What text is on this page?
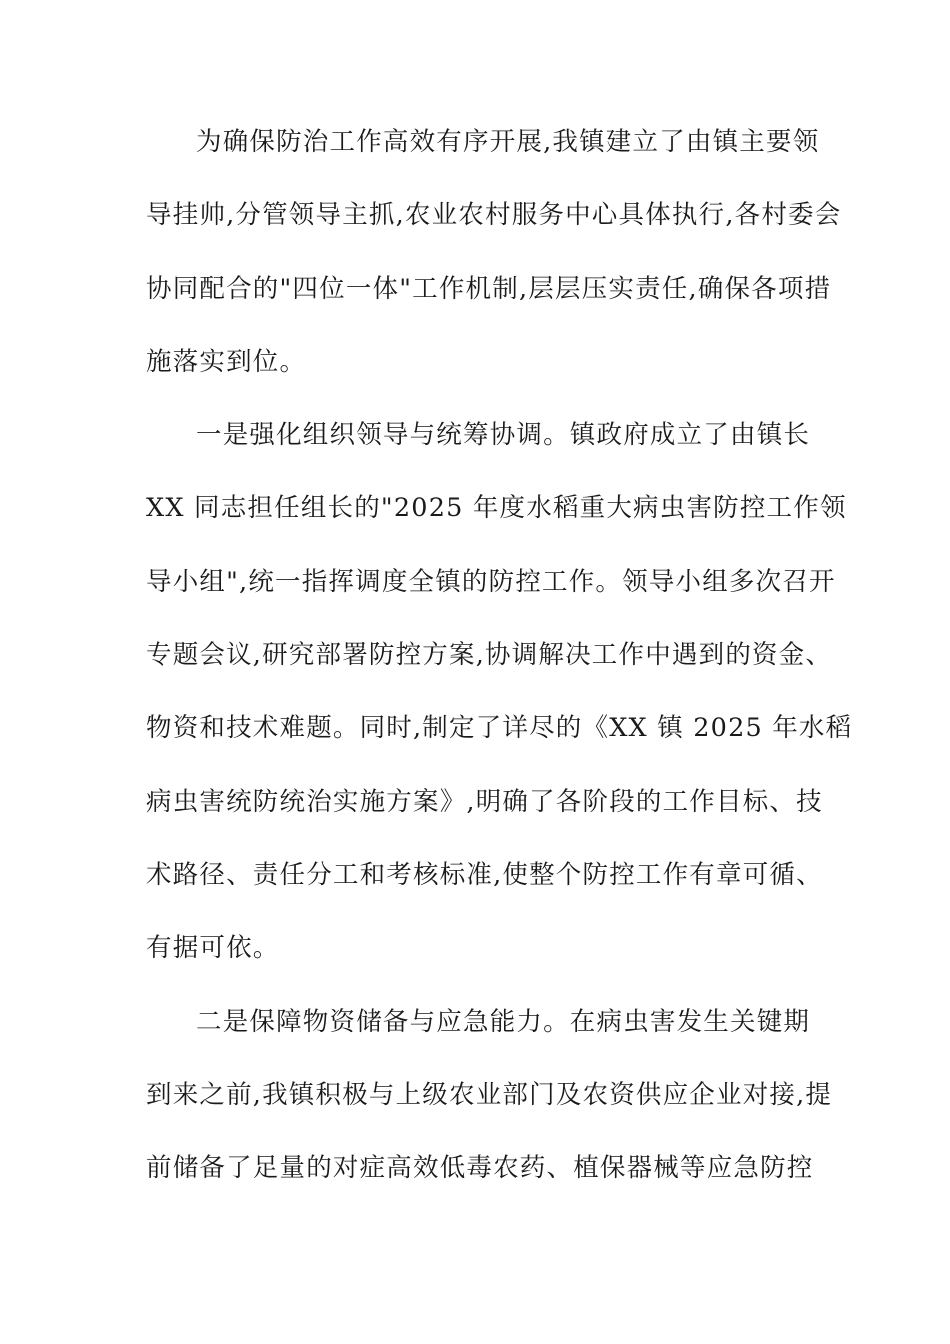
为确保防治工作高效有序开展,我镇建立了由镇主要领
导挂帅,分管领导主抓,农业农村服务中心具体执行,各村委会
协同配合的"四位一体"工作机制,层层压实责任,确保各项措
施落实到位。
一是强化组织领导与统筹协调。镇政府成立了由镇长
XX 同志担任组长的"2025 年度水稻重大病虫害防控工作领
导小组",统一指挥调度全镇的防控工作。领导小组多次召开
专题会议,研究部署防控方案,协调解决工作中遇到的资金、
物资和技术难题。同时,制定了详尽的《XX 镇 2025 年水稻
病虫害统防统治实施方案》,明确了各阶段的工作目标、技
术路径、责任分工和考核标准,使整个防控工作有章可循、
有据可依。
二是保障物资储备与应急能力。在病虫害发生关键期
到来之前,我镇积极与上级农业部门及农资供应企业对接,提
前储备了足量的对症高效低毒农药、植保器械等应急防控
